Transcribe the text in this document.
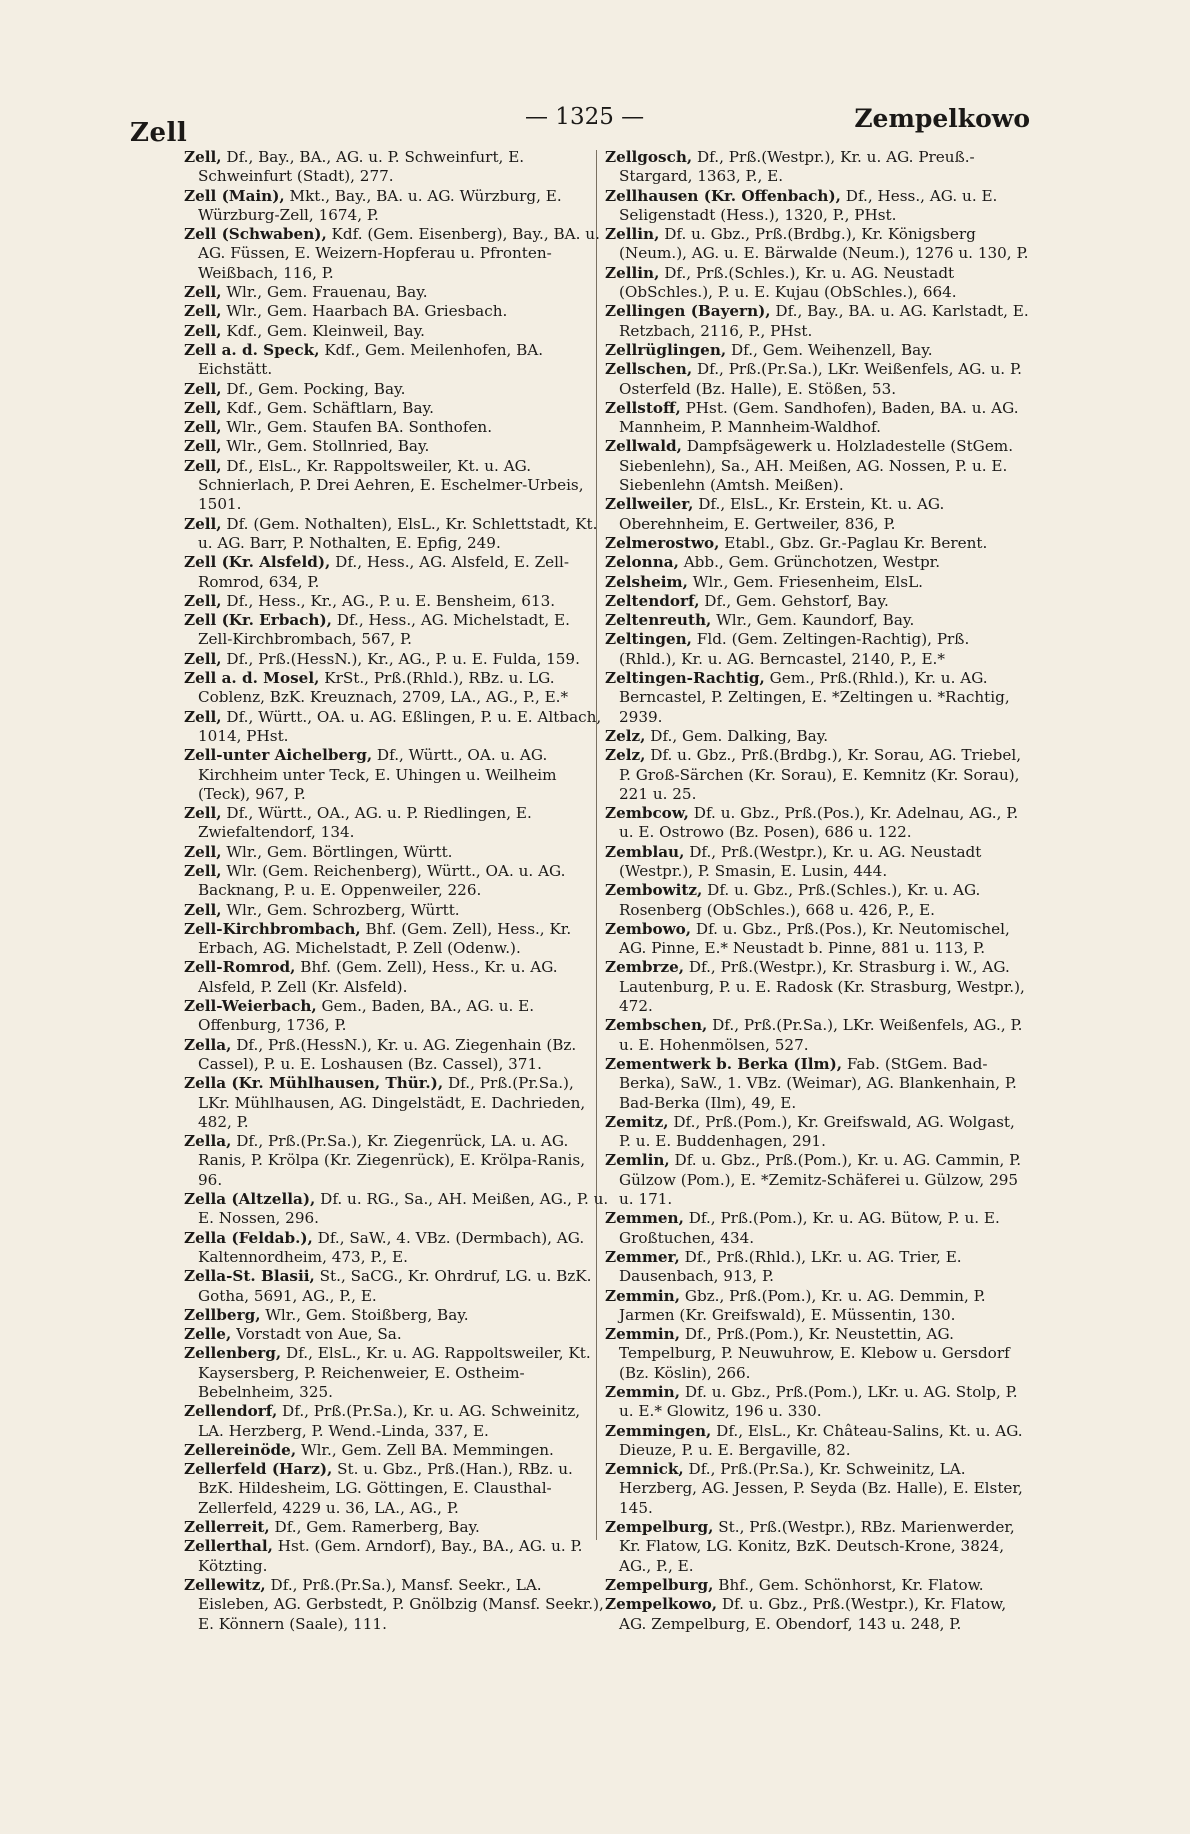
Zell
— 1325 —	Zempelkowo

Zell, Df., Bay., BA., AG. u. P. Schweinfurt, E. Schweinfurt (Stadt), 277.

Zell (Main), Mkt., Bay., BA. u. AG. Würzburg, E. Würzburg-Zell, 1674, P.

Zell (Schwaben), Kdf. (Gem. Eisenberg), Bay., BA. u. AG. Füssen, E. Weizern-Hopferau u. Pfronten-Weißbach, 116, P.

Zell, Wlr., Gem. Frauenau, Bay.

Zell, Wlr., Gem. Haarbach BA. Griesbach.

Zell, Kdf., Gem. Kleinweil, Bay.

Zell a. d. Speck, Kdf., Gem. Meilenhofen, BA. Eichstätt.

Zell, Df., Gem. Pocking, Bay.

Zell, Kdf., Gem. Schäftlarn, Bay.

Zell, Wlr., Gem. Staufen BA. Sonthofen.

Zell, Wlr., Gem. Stollnried, Bay.

Zell, Df., ElsL., Kr. Rappoltsweiler, Kt. u. AG. Schnierlach, P. Drei Aehren, E. Eschelmer-Urbeis, 1501.

Zell, Df. (Gem. Nothalten), ElsL., Kr. Schlettstadt, Kt. u. AG. Barr, P. Nothalten, E. Epfig, 249.

Zell (Kr. Alsfeld), Df., Hess., AG. Alsfeld, E. Zell-Romrod, 634, P.

Zell, Df., Hess., Kr., AG., P. u. E. Bensheim, 613.

Zell (Kr. Erbach), Df., Hess., AG. Michelstadt, E. Zell-Kirchbrombach, 567, P.

Zell, Df., Prß.(HessN.), Kr., AG., P. u. E. Fulda, 159.

Zell a. d. Mosel, KrSt., Prß.(Rhld.), RBz. u. LG. Coblenz, BzK. Kreuznach, 2709, LA., AG., P., E.*

Zell, Df., Württ., OA. u. AG. Eßlingen, P. u. E. Altbach, 1014, PHst.

Zell-unter Aichelberg, Df., Württ., OA. u. AG. Kirchheim unter Teck, E. Uhingen u. Weilheim (Teck), 967, P.

Zell, Df., Württ., OA., AG. u. P. Riedlingen, E. Zwiefaltendorf, 134.

Zell, Wlr., Gem. Börtlingen, Württ.

Zell, Wlr. (Gem. Reichenberg), Württ., OA. u. AG. Backnang, P. u. E. Oppenweiler, 226.

Zell, Wlr., Gem. Schrozberg, Württ.

Zell-Kirchbrombach, Bhf. (Gem. Zell), Hess., Kr. Erbach, AG. Michelstadt, P. Zell (Odenw.).

Zell-Romrod, Bhf. (Gem. Zell), Hess., Kr. u. AG. Alsfeld, P. Zell (Kr. Alsfeld).

Zell-Weierbach, Gem., Baden, BA., AG. u. E. Offenburg, 1736, P.

Zella, Df., Prß.(HessN.), Kr. u. AG. Ziegenhain (Bz. Cassel), P. u. E. Loshausen (Bz. Cassel), 371.

Zella (Kr. Mühlhausen, Thür.), Df., Prß.(Pr.Sa.), LKr. Mühlhausen, AG. Dingelstädt, E. Dachrieden, 482, P.

Zella, Df., Prß.(Pr.Sa.), Kr. Ziegenrück, LA. u. AG. Ranis, P. Krölpa (Kr. Ziegenrück), E. Krölpa-Ranis, 96.

Zella (Altzella), Df. u. RG., Sa., AH. Meißen, AG., P. u. E. Nossen, 296.

Zella (Feldab.), Df., SaW., 4. VBz. (Dermbach), AG. Kaltennordheim, 473, P., E.

Zella-St. Blasii, St., SaCG., Kr. Ohrdruf, LG. u. BzK. Gotha, 5691, AG., P., E.

Zellberg, Wlr., Gem. Stoißberg, Bay.

Zelle, Vorstadt von Aue, Sa.

Zellenberg, Df., ElsL., Kr. u. AG. Rappoltsweiler, Kt. Kaysersberg, P. Reichenweier, E. Ostheim-Bebelnheim, 325.

Zellendorf, Df., Prß.(Pr.Sa.), Kr. u. AG. Schweinitz, LA. Herzberg, P. Wend.-Linda, 337, E.

Zellereinöde, Wlr., Gem. Zell BA. Memmingen.

Zellerfeld (Harz), St. u. Gbz., Prß.(Han.), RBz. u. BzK. Hildesheim, LG. Göttingen, E. Clausthal-Zellerfeld, 4229 u. 36, LA., AG., P.

Zellerreit, Df., Gem. Ramerberg, Bay.

Zellerthal, Hst. (Gem. Arndorf), Bay., BA., AG. u. P. Kötzting.

Zellewitz, Df., Prß.(Pr.Sa.), Mansf. Seekr., LA. Eisleben, AG. Gerbstedt, P. Gnölbzig (Mansf. Seekr.), E. Könnern (Saale), 111.

Zellgosch, Df., Prß.(Westpr.), Kr. u. AG. Preuß.-Stargard, 1363, P., E.

Zellhausen (Kr. Offenbach), Df., Hess., AG. u. E. Seligenstadt (Hess.), 1320, P., PHst.

Zellin, Df. u. Gbz., Prß.(Brdbg.), Kr. Königsberg (Neum.), AG. u. E. Bärwalde (Neum.), 1276 u. 130, P.

Zellin, Df., Prß.(Schles.), Kr. u. AG. Neustadt (ObSchles.), P. u. E. Kujau (ObSchles.), 664.

Zellingen (Bayern), Df., Bay., BA. u. AG. Karlstadt, E. Retzbach, 2116, P., PHst.

Zellrüglingen, Df., Gem. Weihenzell, Bay.

Zellschen, Df., Prß.(Pr.Sa.), LKr. Weißenfels, AG. u. P. Osterfeld (Bz. Halle), E. Stößen, 53.

Zellstoff, PHst. (Gem. Sandhofen), Baden, BA. u. AG. Mannheim, P. Mannheim-Waldhof.

Zellwald, Dampfsägewerk u. Holzladestelle (StGem. Siebenlehn), Sa., AH. Meißen, AG. Nossen, P. u. E. Siebenlehn (Amtsh. Meißen).

Zellweiler, Df., ElsL., Kr. Erstein, Kt. u. AG. Oberehnheim, E. Gertweiler, 836, P.

Zelmerostwo, Etabl., Gbz. Gr.-Paglau Kr. Berent.

Zelonna, Abb., Gem. Grünchotzen, Westpr.

Zelsheim, Wlr., Gem. Friesenheim, ElsL.

Zeltendorf, Df., Gem. Gehstorf, Bay.

Zeltenreuth, Wlr., Gem. Kaundorf, Bay.

Zeltingen, Fld. (Gem. Zeltingen-Rachtig), Prß. (Rhld.), Kr. u. AG. Berncastel, 2140, P., E.*

Zeltingen-Rachtig, Gem., Prß.(Rhld.), Kr. u. AG. Berncastel, P. Zeltingen, E. *Zeltingen u. *Rachtig, 2939.

Zelz, Df., Gem. Dalking, Bay.

Zelz, Df. u. Gbz., Prß.(Brdbg.), Kr. Sorau, AG. Triebel, P. Groß-Särchen (Kr. Sorau), E. Kemnitz (Kr. Sorau), 221 u. 25.

Zembcow, Df. u. Gbz., Prß.(Pos.), Kr. Adelnau, AG., P. u. E. Ostrowo (Bz. Posen), 686 u. 122.

Zemblau, Df., Prß.(Westpr.), Kr. u. AG. Neustadt (Westpr.), P. Smasin, E. Lusin, 444.

Zembowitz, Df. u. Gbz., Prß.(Schles.), Kr. u. AG. Rosenberg (ObSchles.), 668 u. 426, P., E.

Zembowo, Df. u. Gbz., Prß.(Pos.), Kr. Neutomischel, AG. Pinne, E.* Neustadt b. Pinne, 881 u. 113, P.

Zembrze, Df., Prß.(Westpr.), Kr. Strasburg i. W., AG. Lautenburg, P. u. E. Radosk (Kr. Strasburg, Westpr.), 472.

Zembschen, Df., Prß.(Pr.Sa.), LKr. Weißenfels, AG., P. u. E. Hohenmölsen, 527.

Zementwerk b. Berka (Ilm), Fab. (StGem. Bad-Berka), SaW., 1. VBz. (Weimar), AG. Blankenhain, P. Bad-Berka (Ilm), 49, E.

Zemitz, Df., Prß.(Pom.), Kr. Greifswald, AG. Wolgast, P. u. E. Buddenhagen, 291.

Zemlin, Df. u. Gbz., Prß.(Pom.), Kr. u. AG. Cammin, P. Gülzow (Pom.), E. *Zemitz-Schäferei u. Gülzow, 295 u. 171.

Zemmen, Df., Prß.(Pom.), Kr. u. AG. Bütow, P. u. E. Großtuchen, 434.

Zemmer, Df., Prß.(Rhld.), LKr. u. AG. Trier, E. Dausenbach, 913, P.

Zemmin, Gbz., Prß.(Pom.), Kr. u. AG. Demmin, P. Jarmen (Kr. Greifswald), E. Müssentin, 130.

Zemmin, Df., Prß.(Pom.), Kr. Neustettin, AG. Tempelburg, P. Neuwuhrow, E. Klebow u. Gersdorf (Bz. Köslin), 266.

Zemmin, Df. u. Gbz., Prß.(Pom.), LKr. u. AG. Stolp, P. u. E.* Glowitz, 196 u. 330.

Zemmingen, Df., ElsL., Kr. Château-Salins, Kt. u. AG. Dieuze, P. u. E. Bergaville, 82.

Zemnick, Df., Prß.(Pr.Sa.), Kr. Schweinitz, LA. Herzberg, AG. Jessen, P. Seyda (Bz. Halle), E. Elster, 145.

Zempelburg, St., Prß.(Westpr.), RBz. Marienwerder, Kr. Flatow, LG. Konitz, BzK. Deutsch-Krone, 3824, AG., P., E.

Zempelburg, Bhf., Gem. Schönhorst, Kr. Flatow.

Zempelkowo, Df. u. Gbz., Prß.(Westpr.), Kr. Flatow, AG. Zempelburg, E. Obendorf, 143 u. 248, P.
